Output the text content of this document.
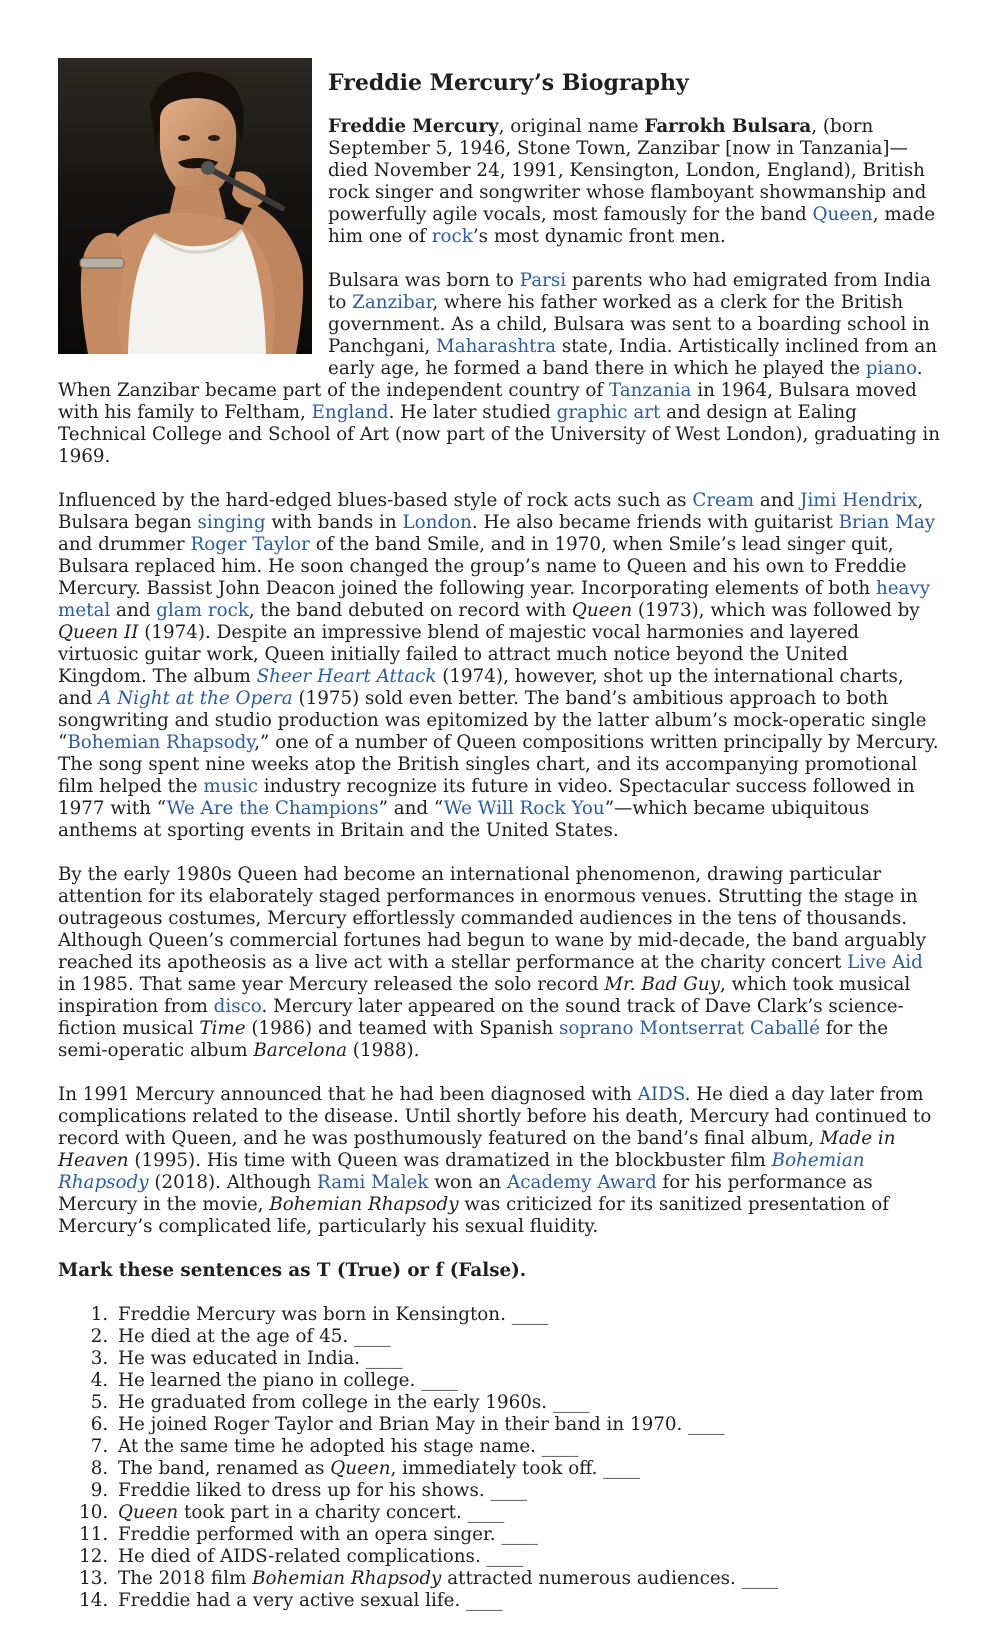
Freddie Mercury’s Biography

Freddie Mercury, original name Farrokh Bulsara, (born September 5, 1946, Stone Town, Zanzibar [now in Tanzania]—died November 24, 1991, Kensington, London, England), British rock singer and songwriter whose flamboyant showmanship and powerfully agile vocals, most famously for the band Queen, made him one of rock’s most dynamic front men.

Bulsara was born to Parsi parents who had emigrated from India to Zanzibar, where his father worked as a clerk for the British government. As a child, Bulsara was sent to a boarding school in Panchgani, Maharashtra state, India. Artistically inclined from an early age, he formed a band there in which he played the piano. When Zanzibar became part of the independent country of Tanzania in 1964, Bulsara moved with his family to Feltham, England. He later studied graphic art and design at Ealing Technical College and School of Art (now part of the University of West London), graduating in 1969.

Influenced by the hard-edged blues-based style of rock acts such as Cream and Jimi Hendrix, Bulsara began singing with bands in London. He also became friends with guitarist Brian May and drummer Roger Taylor of the band Smile, and in 1970, when Smile’s lead singer quit, Bulsara replaced him. He soon changed the group’s name to Queen and his own to Freddie Mercury. Bassist John Deacon joined the following year. Incorporating elements of both heavy metal and glam rock, the band debuted on record with Queen (1973), which was followed by Queen II (1974). Despite an impressive blend of majestic vocal harmonies and layered virtuosic guitar work, Queen initially failed to attract much notice beyond the United Kingdom. The album Sheer Heart Attack (1974), however, shot up the international charts, and A Night at the Opera (1975) sold even better. The band’s ambitious approach to both songwriting and studio production was epitomized by the latter album’s mock-operatic single “Bohemian Rhapsody,” one of a number of Queen compositions written principally by Mercury. The song spent nine weeks atop the British singles chart, and its accompanying promotional film helped the music industry recognize its future in video. Spectacular success followed in 1977 with “We Are the Champions” and “We Will Rock You”—which became ubiquitous anthems at sporting events in Britain and the United States.

By the early 1980s Queen had become an international phenomenon, drawing particular attention for its elaborately staged performances in enormous venues. Strutting the stage in outrageous costumes, Mercury effortlessly commanded audiences in the tens of thousands. Although Queen’s commercial fortunes had begun to wane by mid-decade, the band arguably reached its apotheosis as a live act with a stellar performance at the charity concert Live Aid in 1985. That same year Mercury released the solo record Mr. Bad Guy, which took musical inspiration from disco. Mercury later appeared on the sound track of Dave Clark’s science-fiction musical Time (1986) and teamed with Spanish soprano Montserrat Caballé for the semi-operatic album Barcelona (1988).

In 1991 Mercury announced that he had been diagnosed with AIDS. He died a day later from complications related to the disease. Until shortly before his death, Mercury had continued to record with Queen, and he was posthumously featured on the band’s final album, Made in Heaven (1995). His time with Queen was dramatized in the blockbuster film Bohemian Rhapsody (2018). Although Rami Malek won an Academy Award for his performance as Mercury in the movie, Bohemian Rhapsody was criticized for its sanitized presentation of Mercury’s complicated life, particularly his sexual fluidity.

Mark these sentences as T (True) or f (False).
1. Freddie Mercury was born in Kensington. ____
2. He died at the age of 45. ____
3. He was educated in India. ____
4. He learned the piano in college. ____
5. He graduated from college in the early 1960s. ____
6. He joined Roger Taylor and Brian May in their band in 1970. ____
7. At the same time he adopted his stage name. ____
8. The band, renamed as Queen, immediately took off. ____
9. Freddie liked to dress up for his shows. ____
10. Queen took part in a charity concert. ____
11. Freddie performed with an opera singer. ____
12. He died of AIDS-related complications. ____
13. The 2018 film Bohemian Rhapsody attracted numerous audiences. ____
14. Freddie had a very active sexual life. ____
